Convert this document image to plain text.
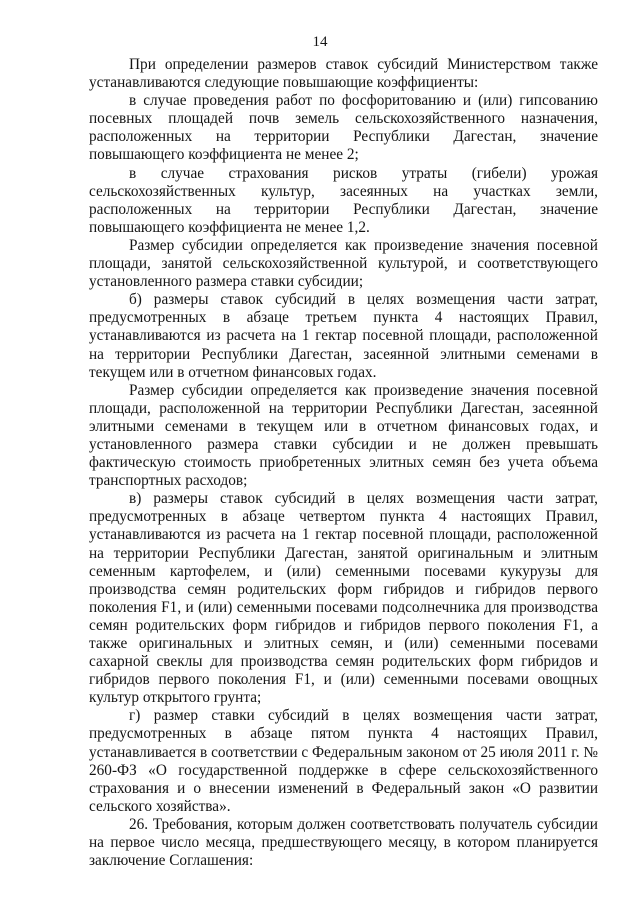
14

При определении размеров ставок субсидий Министерством также устанавливаются следующие повышающие коэффициенты:

в случае проведения работ по фосфоритованию и (или) гипсованию посевных площадей почв земель сельскохозяйственного назначения, расположенных на территории Республики Дагестан, значение повышающего коэффициента не менее 2;

в случае страхования рисков утраты (гибели) урожая сельскохозяйственных культур, засеянных на участках земли, расположенных на территории Республики Дагестан, значение повышающего коэффициента не менее 1,2.

Размер субсидии определяется как произведение значения посевной площади, занятой сельскохозяйственной культурой, и соответствующего установленного размера ставки субсидии;

б) размеры ставок субсидий в целях возмещения части затрат, предусмотренных в абзаце третьем пункта 4 настоящих Правил, устанавливаются из расчета на 1 гектар посевной площади, расположенной на территории Республики Дагестан, засеянной элитными семенами в текущем или в отчетном финансовых годах.

Размер субсидии определяется как произведение значения посевной площади, расположенной на территории Республики Дагестан, засеянной элитными семенами в текущем или в отчетном финансовых годах, и установленного размера ставки субсидии и не должен превышать фактическую стоимость приобретенных элитных семян без учета объема транспортных расходов;

в) размеры ставок субсидий в целях возмещения части затрат, предусмотренных в абзаце четвертом пункта 4 настоящих Правил, устанавливаются из расчета на 1 гектар посевной площади, расположенной на территории Республики Дагестан, занятой оригинальным и элитным семенным картофелем, и (или) семенными посевами кукурузы для производства семян родительских форм гибридов и гибридов первого поколения F1, и (или) семенными посевами подсолнечника для производства семян родительских форм гибридов и гибридов первого поколения F1, а также оригинальных и элитных семян, и (или) семенными посевами сахарной свеклы для производства семян родительских форм гибридов и гибридов первого поколения F1, и (или) семенными посевами овощных культур открытого грунта;

г) размер ставки субсидий в целях возмещения части затрат, предусмотренных в абзаце пятом пункта 4 настоящих Правил, устанавливается в соответствии с Федеральным законом от 25 июля 2011 г. № 260-ФЗ «О государственной поддержке в сфере сельскохозяйственного страхования и о внесении изменений в Федеральный закон «О развитии сельского хозяйства».

26. Требования, которым должен соответствовать получатель субсидии на первое число месяца, предшествующего месяцу, в котором планируется заключение Соглашения:
